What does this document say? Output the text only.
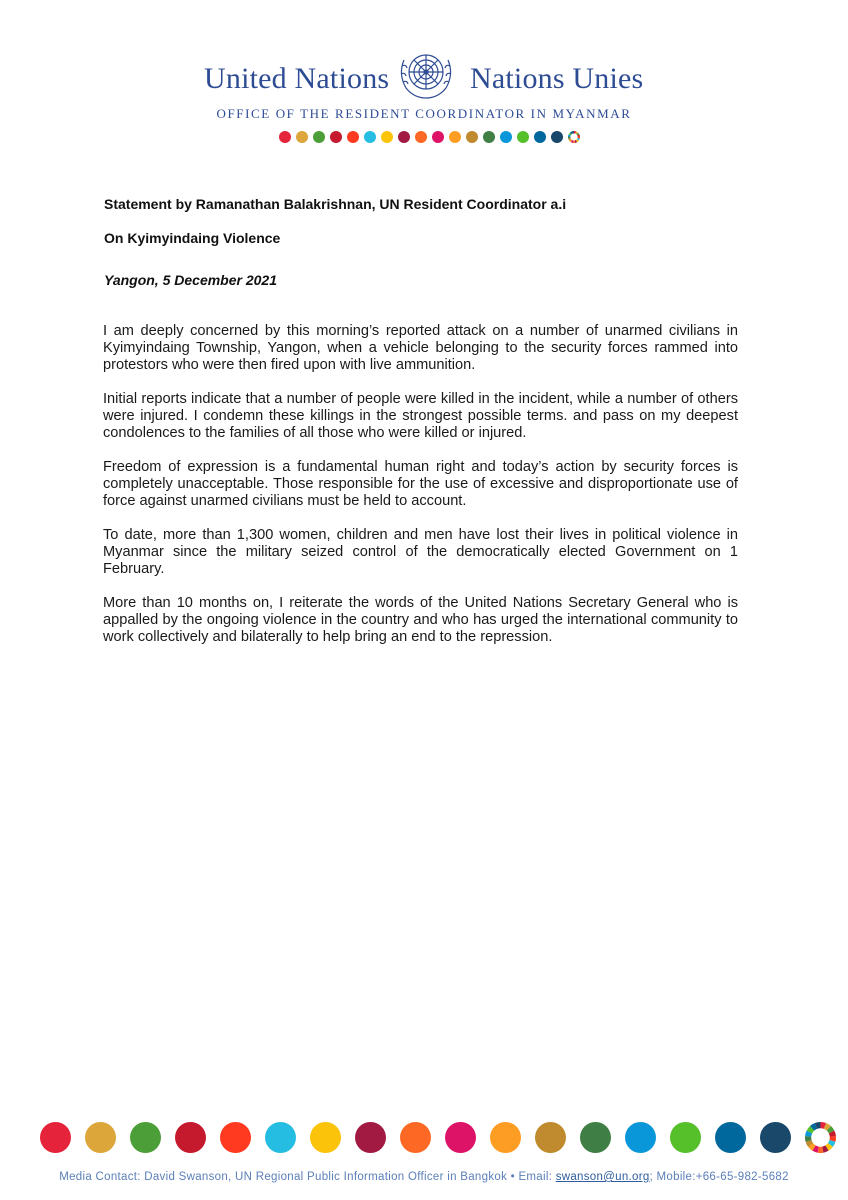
United Nations	Nations Unies
OFFICE OF THE RESIDENT COORDINATOR IN MYANMAR
Statement by Ramanathan Balakrishnan, UN Resident Coordinator a.i
On Kyimyindaing Violence
Yangon, 5 December 2021

I am deeply concerned by this morning’s reported attack on a number of unarmed civilians in Kyimyindaing Township, Yangon, when a vehicle belonging to the security forces rammed into protestors who were then fired upon with live ammunition.

Initial reports indicate that a number of people were killed in the incident, while a number of others were injured. I condemn these killings in the strongest possible terms. and pass on my deepest condolences to the families of all those who were killed or injured.

Freedom of expression is a fundamental human right and today’s action by security forces is completely unacceptable. Those responsible for the use of excessive and disproportionate use of force against unarmed civilians must be held to account.

To date, more than 1,300 women, children and men have lost their lives in political violence in Myanmar since the military seized control of the democratically elected Government on 1 February.

More than 10 months on, I reiterate the words of the United Nations Secretary General who is appalled by the ongoing violence in the country and who has urged the international community to work collectively and bilaterally to help bring an end to the repression.

Media Contact: David Swanson, UN Regional Public Information Officer in Bangkok • Email: swanson@un.org; Mobile:+66-65-982-5682
